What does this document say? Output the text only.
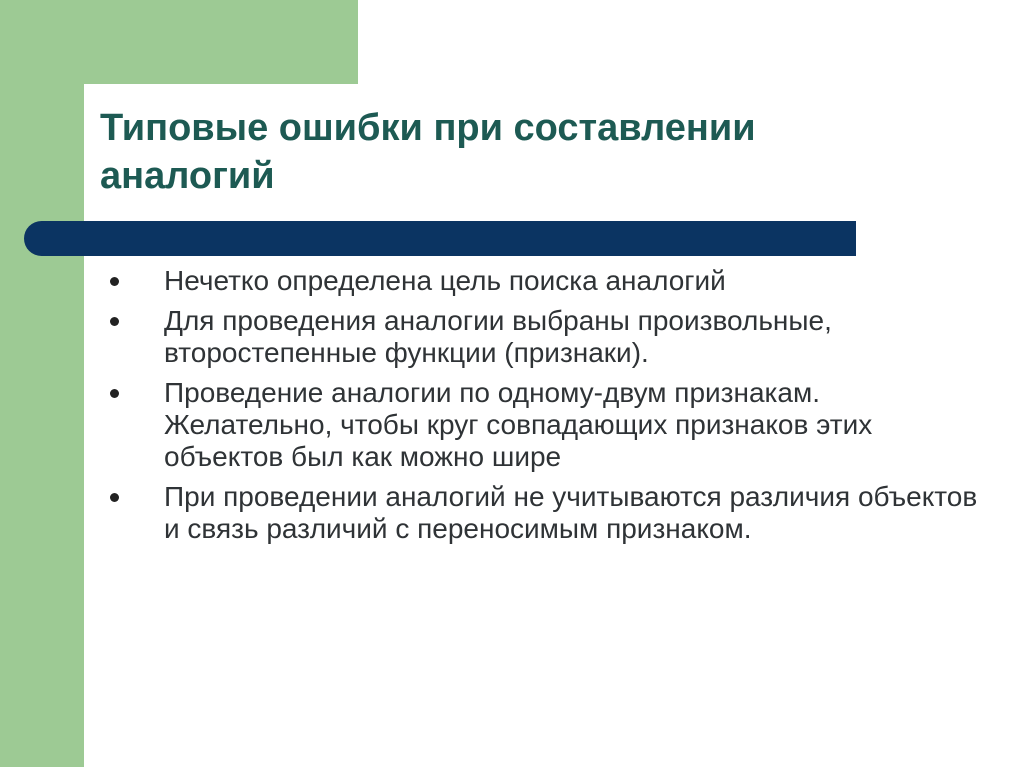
Типовые ошибки при составлении
аналогий
Нечетко определена цель поиска аналогий
Для проведения аналогии выбраны произвольные, второстепенные функции (признаки).
Проведение аналогии по одному-двум признакам. Желательно, чтобы круг совпадающих признаков этих объектов был как можно шире
При проведении аналогий не учитываются различия объектов и связь различий с переносимым признаком.
